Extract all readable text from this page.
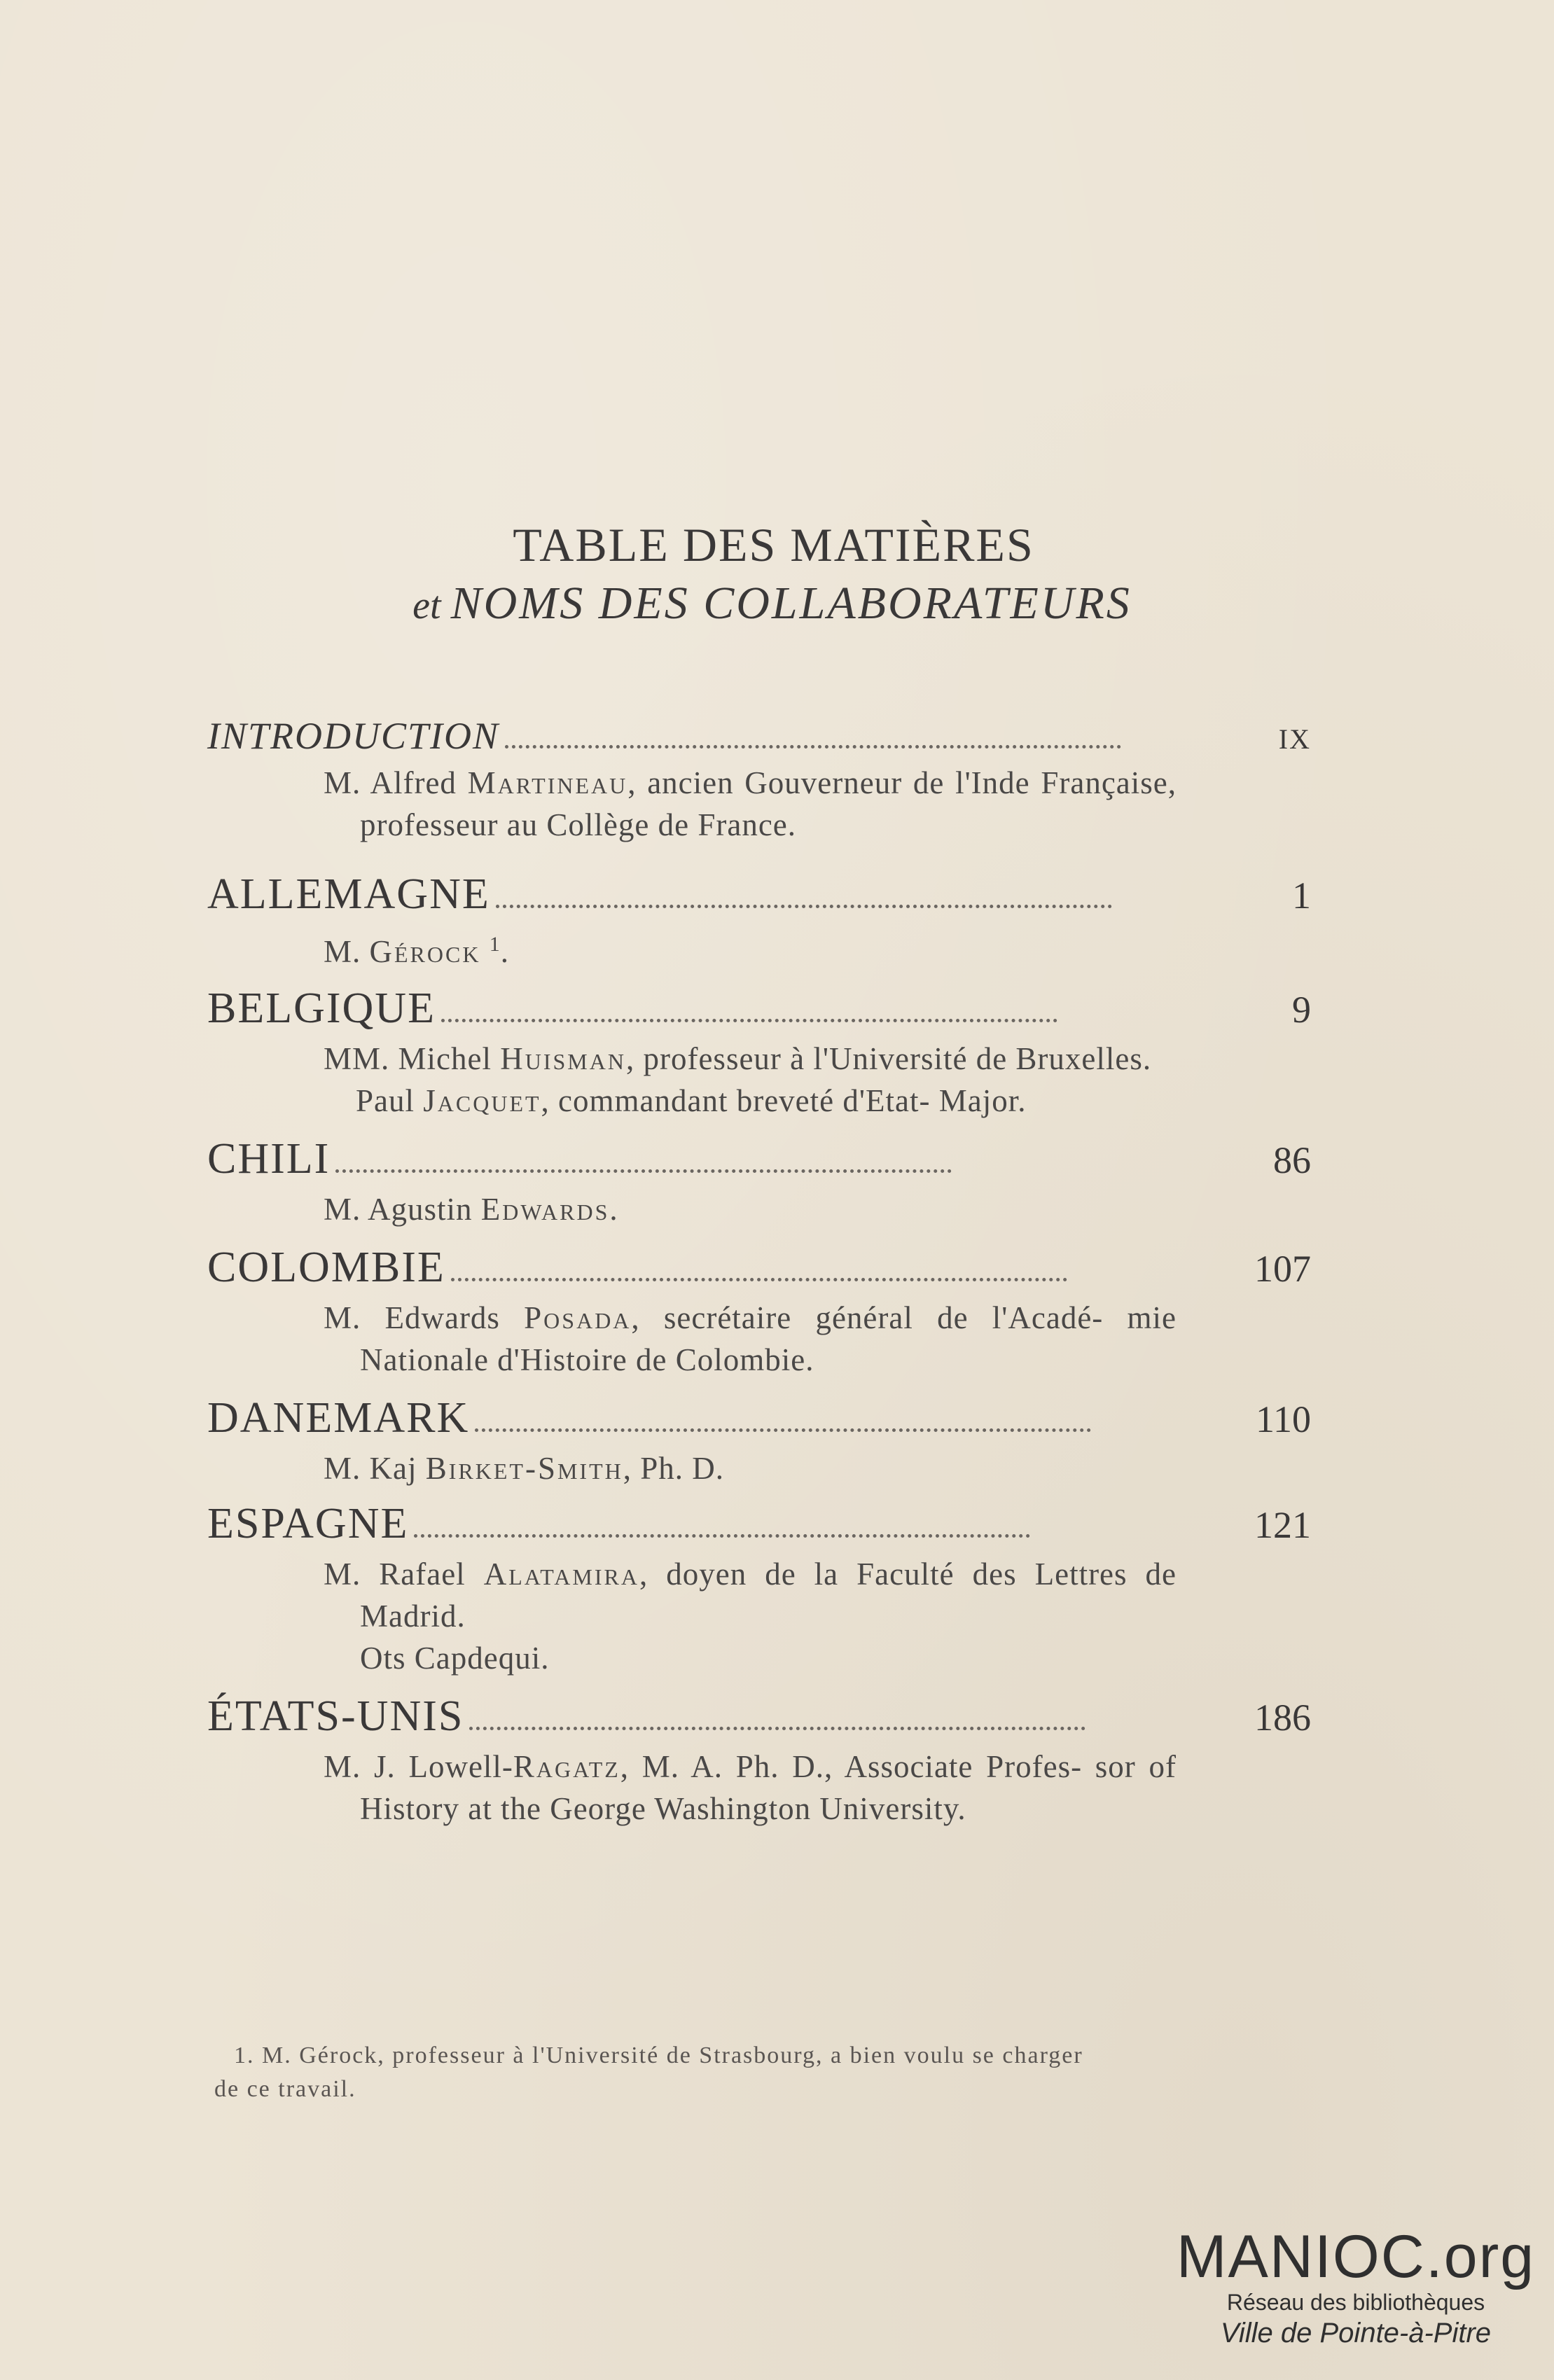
TABLE DES MATIÈRES
et NOMS DES COLLABORATEURS
INTRODUCTION	IX
M. Alfred Martineau, ancien Gouverneur de l'Inde Française, professeur au Collège de France.
ALLEMAGNE	1
M. Gérock $^1$.
BELGIQUE	9
MM. Michel Huisman, professeur à l'Université de Bruxelles.
Paul Jacquet, commandant breveté d'Etat- Major.
CHILI	86
M. Agustin Edwards.
COLOMBIE	107
M. Edwards Posada, secrétaire général de l'Acadé- mie Nationale d'Histoire de Colombie.
DANEMARK	110
M. Kaj Birket-Smith, Ph. D.
ESPAGNE	121
M. Rafael Alatamira, doyen de la Faculté des Lettres de Madrid.
Ots Capdequi.
ÉTATS-UNIS	186
M. J. Lowell-Ragatz, M. A. Ph. D., Associate Profes- sor of History at the George Washington University.
1. M. Gérock, professeur à l'Université de Strasbourg, a bien voulu se charger
de ce travail.
MANIOC.org
Réseau des bibliothèques
Ville de Pointe-à-Pitre
